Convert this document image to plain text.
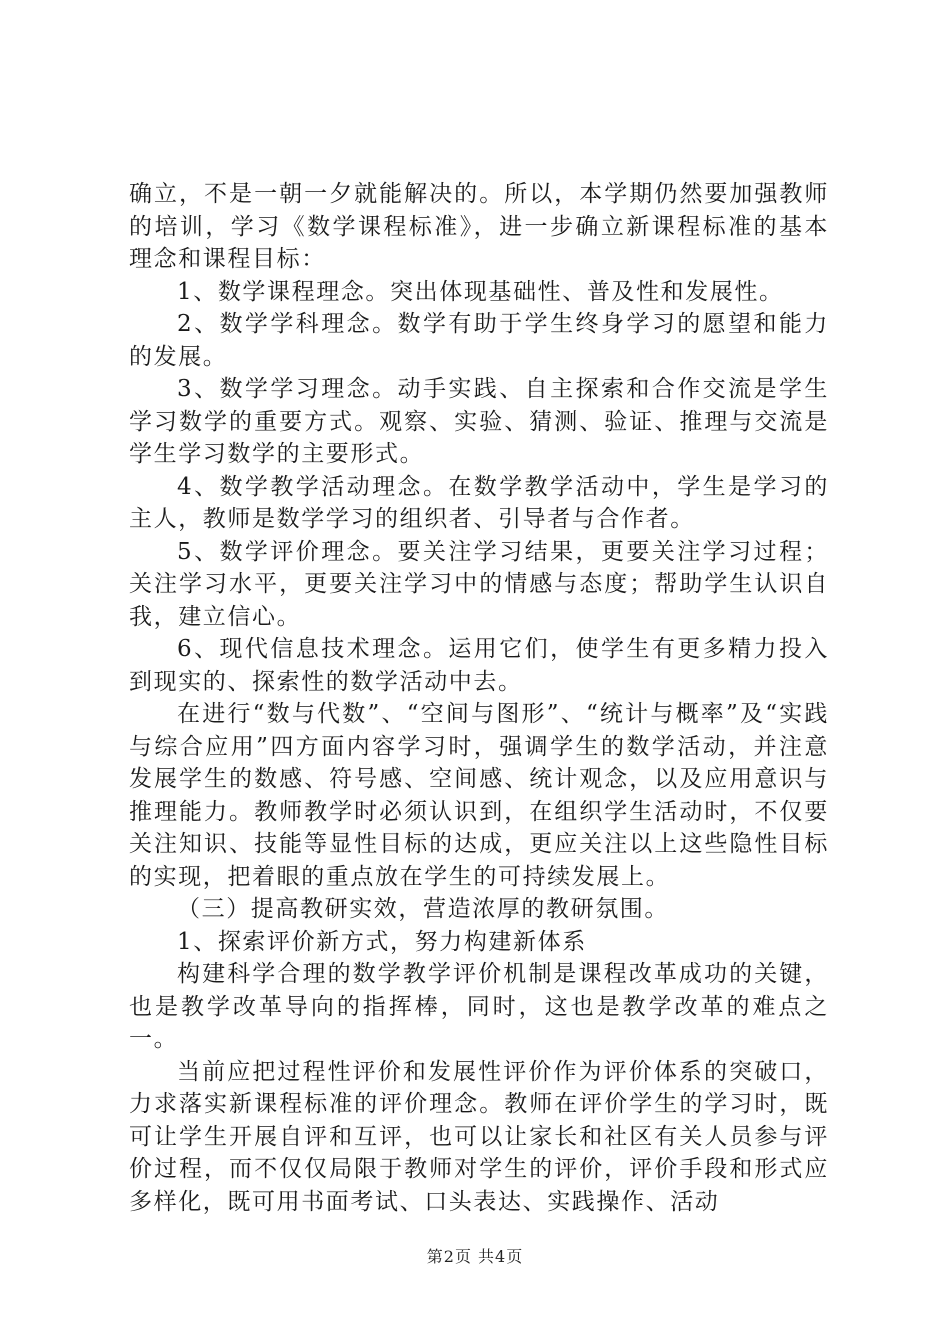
确立，不是一朝一夕就能解决的。所以，本学期仍然要加强教师的培训，学习《数学课程标准》，进一步确立新课程标准的基本理念和课程目标：

1、数学课程理念。突出体现基础性、普及性和发展性。

2、数学学科理念。数学有助于学生终身学习的愿望和能力的发展。

3、数学学习理念。动手实践、自主探索和合作交流是学生学习数学的重要方式。观察、实验、猜测、验证、推理与交流是学生学习数学的主要形式。

4、数学教学活动理念。在数学教学活动中，学生是学习的主人，教师是数学学习的组织者、引导者与合作者。

5、数学评价理念。要关注学习结果，更要关注学习过程；关注学习水平，更要关注学习中的情感与态度；帮助学生认识自我，建立信心。

6、现代信息技术理念。运用它们，使学生有更多精力投入到现实的、探索性的数学活动中去。

在进行“数与代数”、“空间与图形”、“统计与概率”及“实践与综合应用”四方面内容学习时，强调学生的数学活动，并注意发展学生的数感、符号感、空间感、统计观念，以及应用意识与推理能力。教师教学时必须认识到，在组织学生活动时，不仅要关注知识、技能等显性目标的达成，更应关注以上这些隐性目标的实现，把着眼的重点放在学生的可持续发展上。

（三）提高教研实效，营造浓厚的教研氛围。

1、探索评价新方式，努力构建新体系

构建科学合理的数学教学评价机制是课程改革成功的关键，也是教学改革导向的指挥棒，同时，这也是教学改革的难点之一。

当前应把过程性评价和发展性评价作为评价体系的突破口，力求落实新课程标准的评价理念。教师在评价学生的学习时，既可让学生开展自评和互评，也可以让家长和社区有关人员参与评价过程，而不仅仅局限于教师对学生的评价，评价手段和形式应多样化，既可用书面考试、口头表达、实践操作、活动

第2页 共4页
